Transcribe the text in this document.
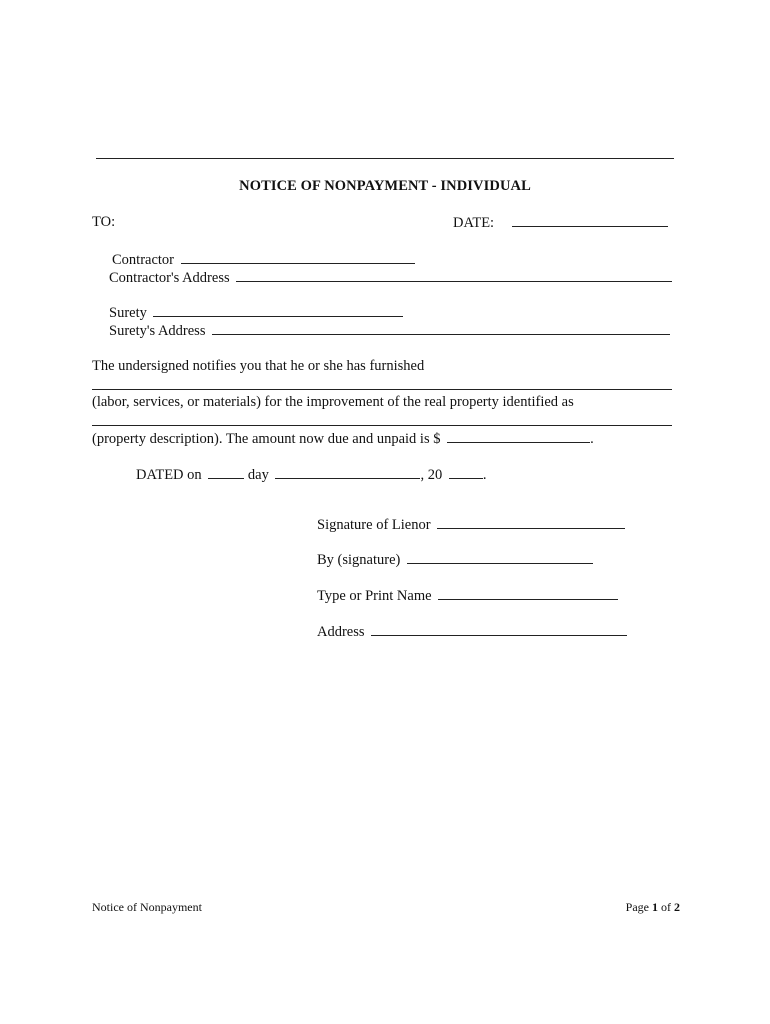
NOTICE OF NONPAYMENT - INDIVIDUAL
TO:	DATE:
Contractor
Contractor's Address
Surety
Surety's Address
The undersigned notifies you that he or she has furnished
(labor, services, or materials) for the improvement of the real property identified as
(property description). The amount now due and unpaid is $	.
DATED on	day	, 20	.
Signature of Lienor
By (signature)
Type or Print Name
Address
Notice of Nonpayment	Page 1 of 2
